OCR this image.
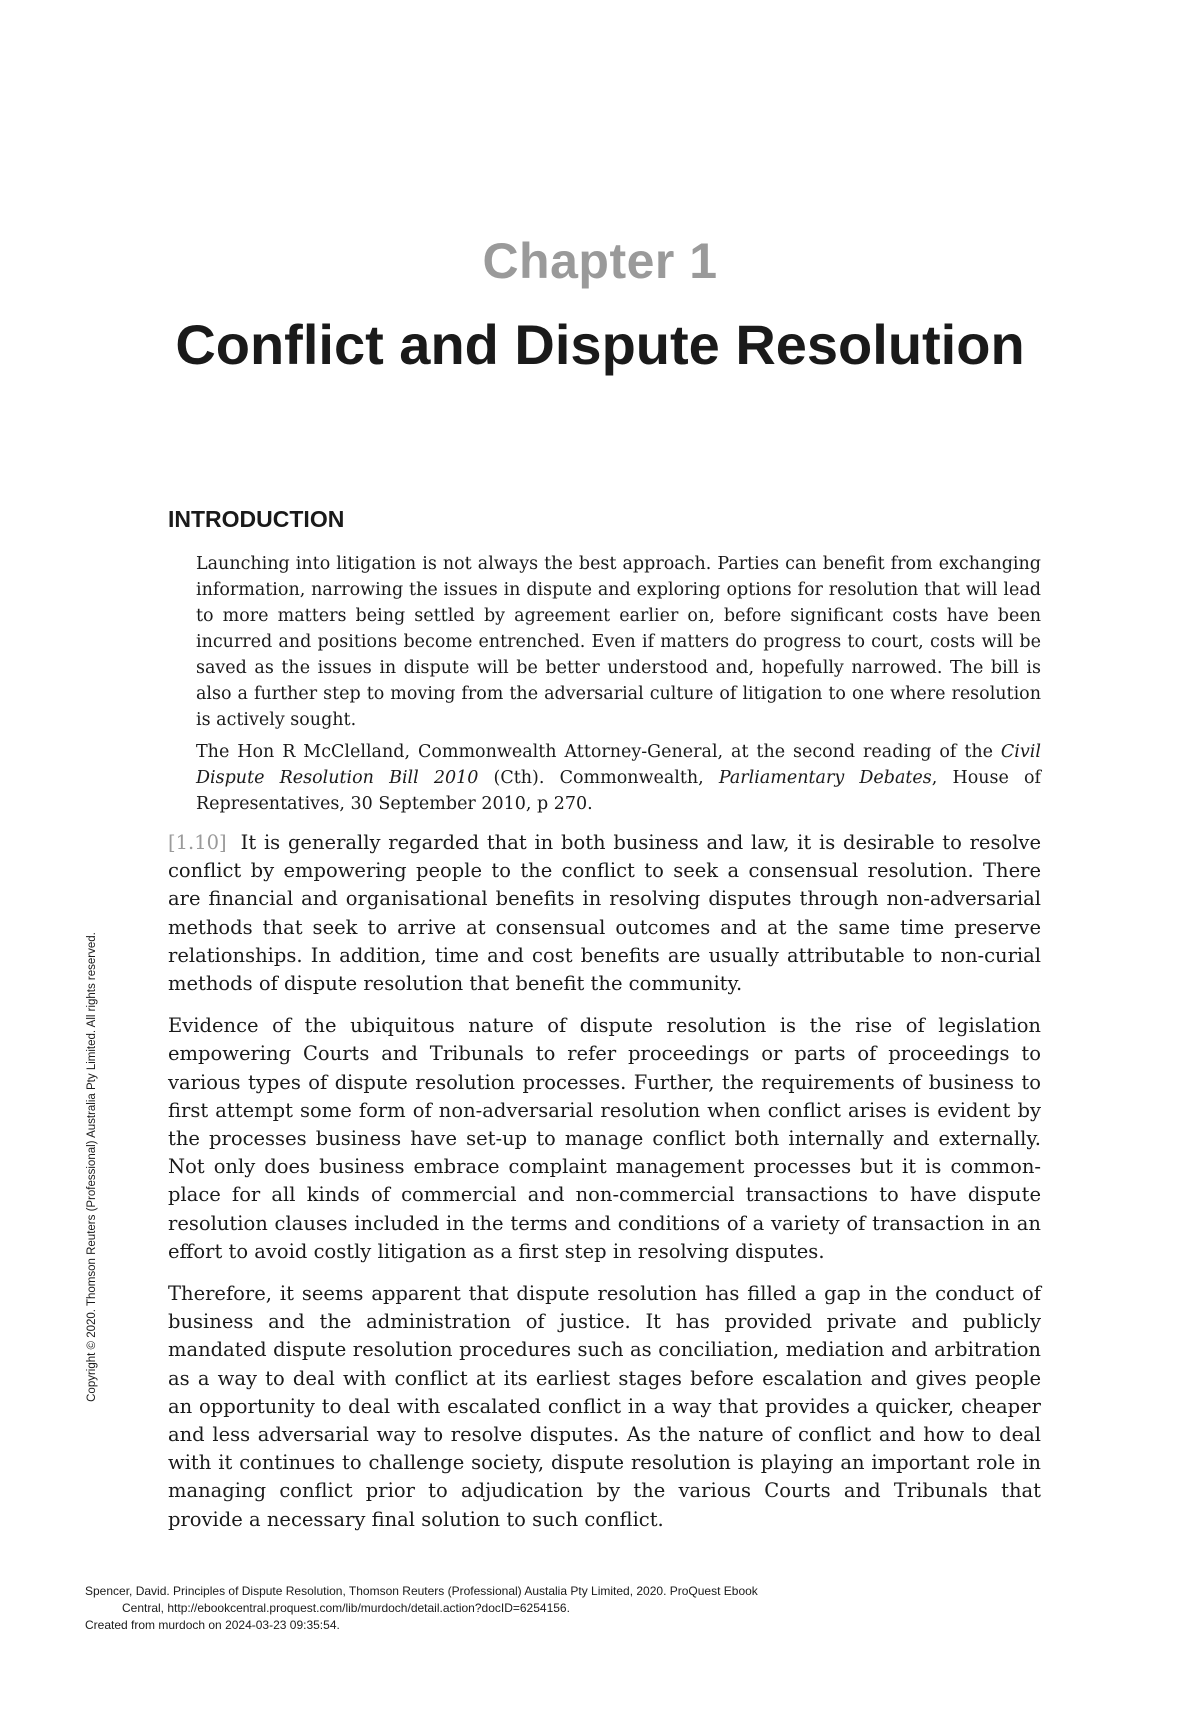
Chapter 1
Conflict and Dispute Resolution
INTRODUCTION

Launching into litigation is not always the best approach. Parties can benefit from exchanging information, narrowing the issues in dispute and exploring options for resolution that will lead to more matters being settled by agreement earlier on, before significant costs have been incurred and positions become entrenched. Even if matters do progress to court, costs will be saved as the issues in dispute will be better understood and, hopefully narrowed. The bill is also a further step to moving from the adversarial culture of litigation to one where resolution is actively sought.

The Hon R McClelland, Commonwealth Attorney-General, at the second reading of the Civil Dispute Resolution Bill 2010 (Cth). Commonwealth, Parliamentary Debates, House of Representatives, 30 September 2010, p 270.

[1.10] It is generally regarded that in both business and law, it is desirable to resolve conflict by empowering people to the conflict to seek a consensual resolution. There are financial and organisational benefits in resolving disputes through non-adversarial methods that seek to arrive at consensual outcomes and at the same time preserve relationships. In addition, time and cost benefits are usually attributable to non-curial methods of dispute resolution that benefit the community.

Evidence of the ubiquitous nature of dispute resolution is the rise of legislation empowering Courts and Tribunals to refer proceedings or parts of proceedings to various types of dispute resolution processes. Further, the requirements of business to first attempt some form of non-adversarial resolution when conflict arises is evident by the processes business have set-up to manage conflict both internally and externally. Not only does business embrace complaint management processes but it is common-place for all kinds of commercial and non-commercial transactions to have dispute resolution clauses included in the terms and conditions of a variety of transaction in an effort to avoid costly litigation as a first step in resolving disputes.

Therefore, it seems apparent that dispute resolution has filled a gap in the conduct of business and the administration of justice. It has provided private and publicly mandated dispute resolution procedures such as conciliation, mediation and arbitration as a way to deal with conflict at its earliest stages before escalation and gives people an opportunity to deal with escalated conflict in a way that provides a quicker, cheaper and less adversarial way to resolve disputes. As the nature of conflict and how to deal with it continues to challenge society, dispute resolution is playing an important role in managing conflict prior to adjudication by the various Courts and Tribunals that provide a necessary final solution to such conflict.

Copyright © 2020. Thomson Reuters (Professional) Australia Pty Limited. All rights reserved.
Spencer, David. Principles of Dispute Resolution, Thomson Reuters (Professional) Austalia Pty Limited, 2020. ProQuest Ebook
Central, http://ebookcentral.proquest.com/lib/murdoch/detail.action?docID=6254156.
Created from murdoch on 2024-03-23 09:35:54.
